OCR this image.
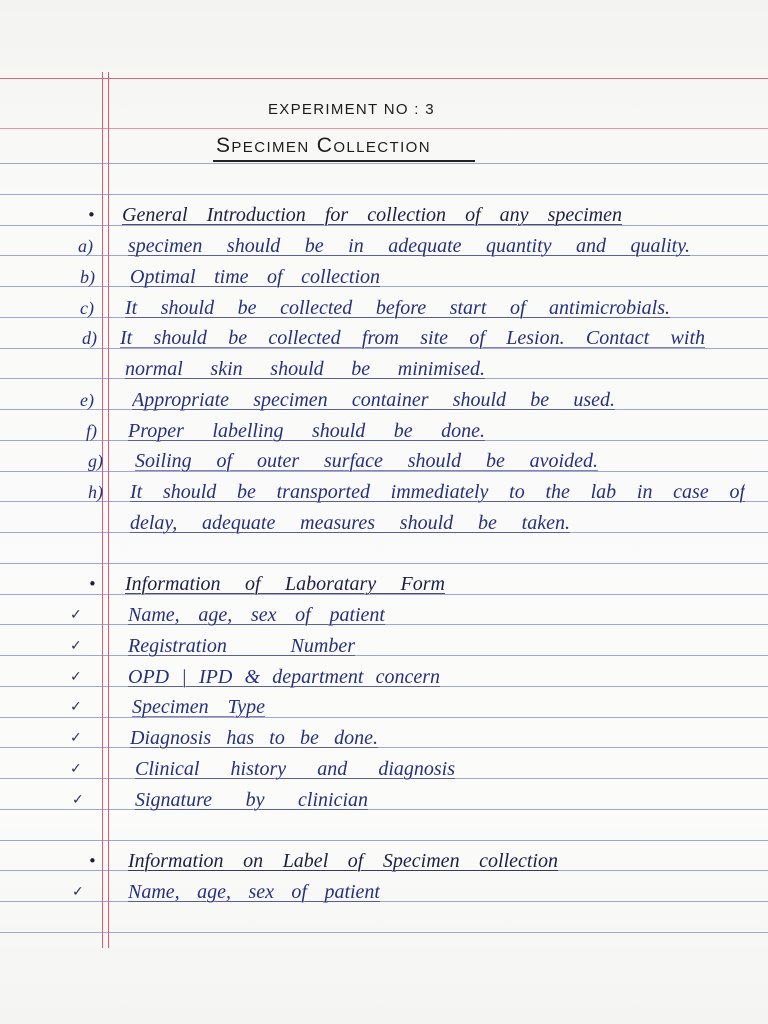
EXPERIMENT NO : 3
Specimen Collection
• General Introduction for collection of any specimen
a) specimen should be in adequate quantity and quality.
b) Optimal time of collection
c) It should be collected before start of antimicrobials.
d) It should be collected from site of Lesion. Contact with
normal skin should be minimised.
e) Appropriate specimen container should be used.
f) Proper labelling should be done.
g) Soiling of outer surface should be avoided.
h) It should be transported immediately to the lab in case of
delay, adequate measures should be taken.
• Information of Laboratary Form
✓ Name, age, sex of patient
✓ Registration Number
✓ OPD | IPD & department concern
✓	Specimen Type
✓ Diagnosis has to be done.
✓	Clinical history and diagnosis
✓	Signature by clinician
• Information on Label of Specimen collection
✓ Name, age, sex of patient
